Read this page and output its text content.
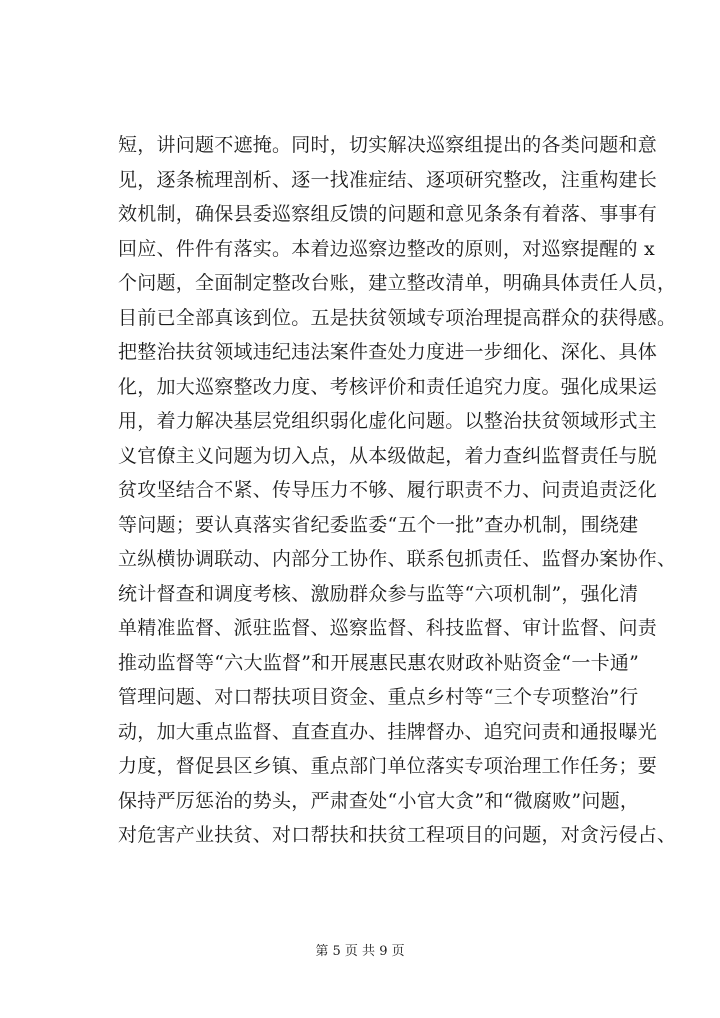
短，讲问题不遮掩。同时，切实解决巡察组提出的各类问题和意
见，逐条梳理剖析、逐一找准症结、逐项研究整改，注重构建长
效机制，确保县委巡察组反馈的问题和意见条条有着落、事事有
回应、件件有落实。本着边巡察边整改的原则，对巡察提醒的 x
个问题，全面制定整改台账，建立整改清单，明确具体责任人员，
目前已全部真该到位。五是扶贫领域专项治理提高群众的获得感。
把整治扶贫领域违纪违法案件查处力度进一步细化、深化、具体
化，加大巡察整改力度、考核评价和责任追究力度。强化成果运
用，着力解决基层党组织弱化虚化问题。以整治扶贫领域形式主
义官僚主义问题为切入点，从本级做起，着力查纠监督责任与脱
贫攻坚结合不紧、传导压力不够、履行职责不力、问责追责泛化
等问题；要认真落实省纪委监委“五个一批”查办机制，围绕建
立纵横协调联动、内部分工协作、联系包抓责任、监督办案协作、
统计督查和调度考核、激励群众参与监等“六项机制”，强化清
单精准监督、派驻监督、巡察监督、科技监督、审计监督、问责
推动监督等“六大监督”和开展惠民惠农财政补贴资金“一卡通”
管理问题、对口帮扶项目资金、重点乡村等“三个专项整治”行
动，加大重点监督、直查直办、挂牌督办、追究问责和通报曝光
力度，督促县区乡镇、重点部门单位落实专项治理工作任务；要
保持严厉惩治的势头，严肃查处“小官大贪”和“微腐败”问题，
对危害产业扶贫、对口帮扶和扶贫工程项目的问题，对贪污侵占、
第 5 页 共 9 页
